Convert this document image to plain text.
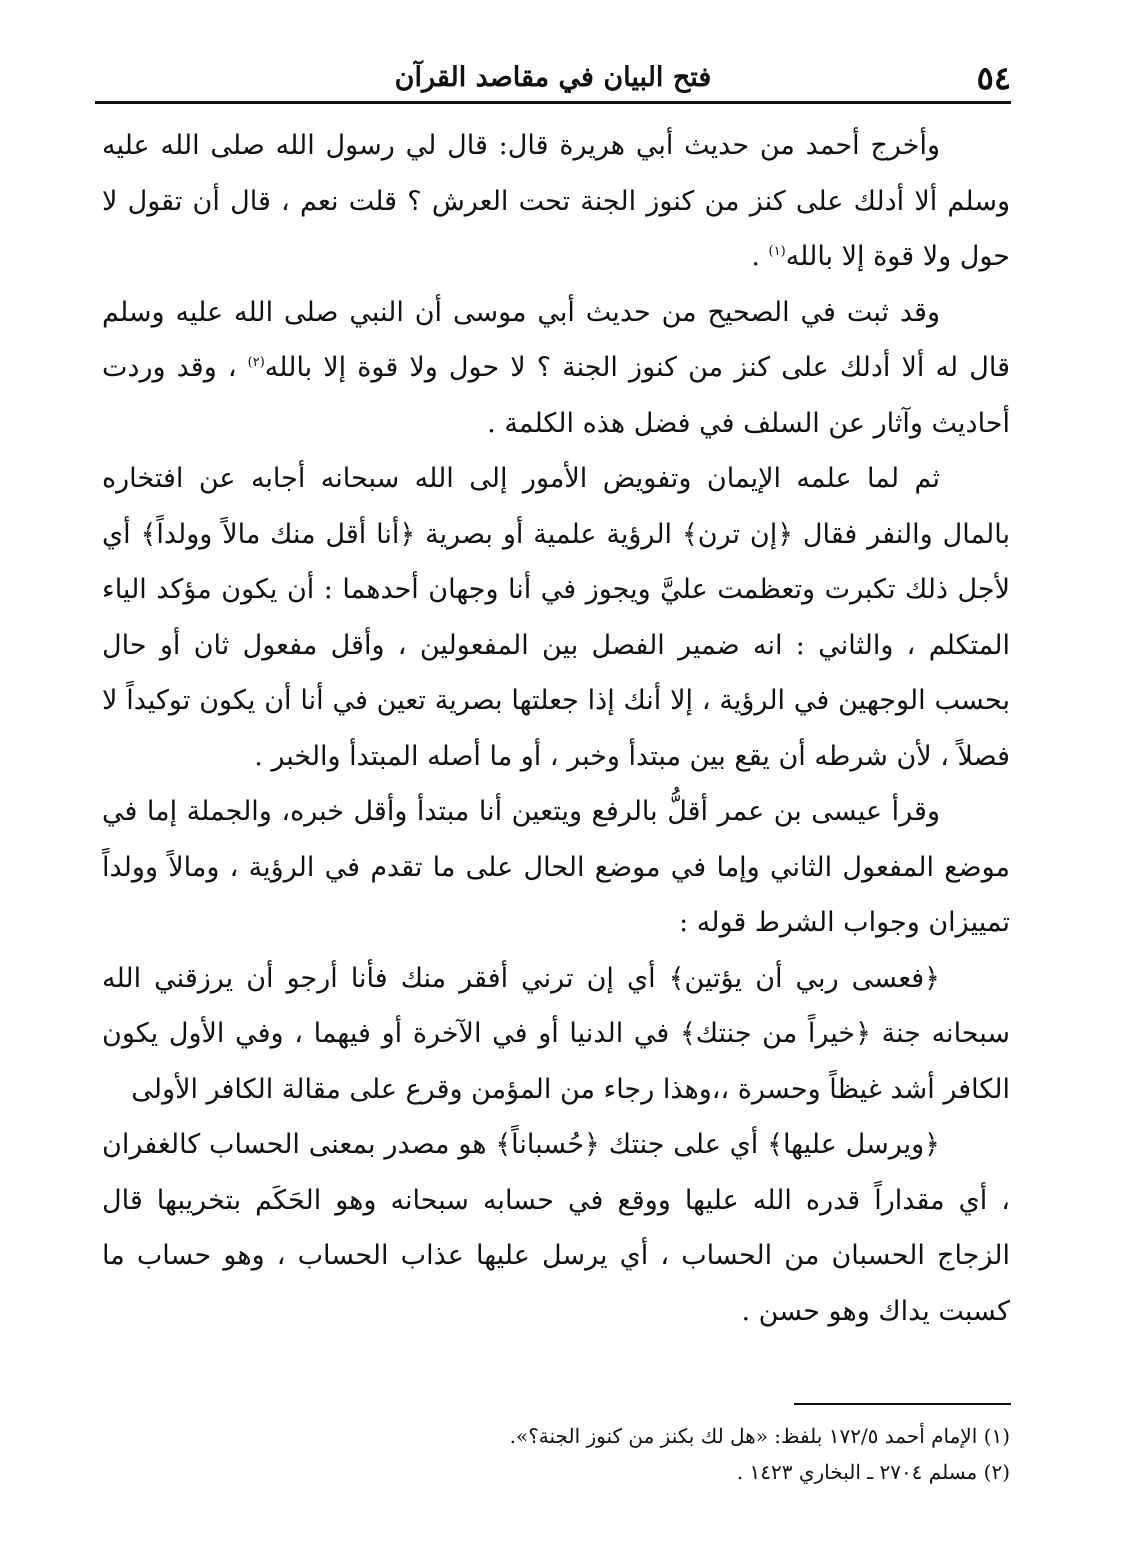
٥٤
فتح البيان في مقاصد القرآن

وأخرج أحمد من حديث أبي هريرة قال: قال لي رسول الله صلى الله عليه وسلم ألا أدلك على كنز من كنوز الجنة تحت العرش ؟ قلت نعم ، قال أن تقول لا حول ولا قوة إلا بالله$^{(١)}$ .

وقد ثبت في الصحيح من حديث أبي موسى أن النبي صلى الله عليه وسلم قال له ألا أدلك على كنز من كنوز الجنة ؟ لا حول ولا قوة إلا بالله$^{(٢)}$ ، وقد وردت أحاديث وآثار عن السلف في فضل هذه الكلمة .

ثم لما علمه الإيمان وتفويض الأمور إلى الله سبحانه أجابه عن افتخاره بالمال والنفر فقال ﴿إن ترن﴾ الرؤية علمية أو بصرية ﴿أنا أقل منك مالاً وولداً﴾ أي لأجل ذلك تكبرت وتعظمت عليَّ ويجوز في أنا وجهان أحدهما : أن يكون مؤكد الياء المتكلم ، والثاني : انه ضمير الفصل بين المفعولين ، وأقل مفعول ثان أو حال بحسب الوجهين في الرؤية ، إلا أنك إذا جعلتها بصرية تعين في أنا أن يكون توكيداً لا فصلاً ، لأن شرطه أن يقع بين مبتدأ وخبر ، أو ما أصله المبتدأ والخبر .

وقرأ عيسى بن عمر أقلُّ بالرفع ويتعين أنا مبتدأ وأقل خبره، والجملة إما في موضع المفعول الثاني وإما في موضع الحال على ما تقدم في الرؤية ، ومالاً وولداً تمييزان وجواب الشرط قوله :

﴿فعسى ربي أن يؤتين﴾ أي إن ترني أفقر منك فأنا أرجو أن يرزقني الله سبحانه جنة ﴿خيراً من جنتك﴾ في الدنيا أو في الآخرة أو فيهما ، وفي الأول يكون الكافر أشد غيظاً وحسرة ،،وهذا رجاء من المؤمن وقرع على مقالة الكافر الأولى

﴿ويرسل عليها﴾ أي على جنتك ﴿حُسباناً﴾ هو مصدر بمعنى الحساب كالغفران ، أي مقداراً قدره الله عليها ووقع في حسابه سبحانه وهو الحَكَم بتخريبها قال الزجاج الحسبان من الحساب ، أي يرسل عليها عذاب الحساب ، وهو حساب ما كسبت يداك وهو حسن .

(١) الإمام أحمد ١٧٢/٥ بلفظ: «هل لك بكنز من كنوز الجنة؟».

(٢) مسلم ٢٧٠٤ ـ البخاري ١٤٢٣ .
